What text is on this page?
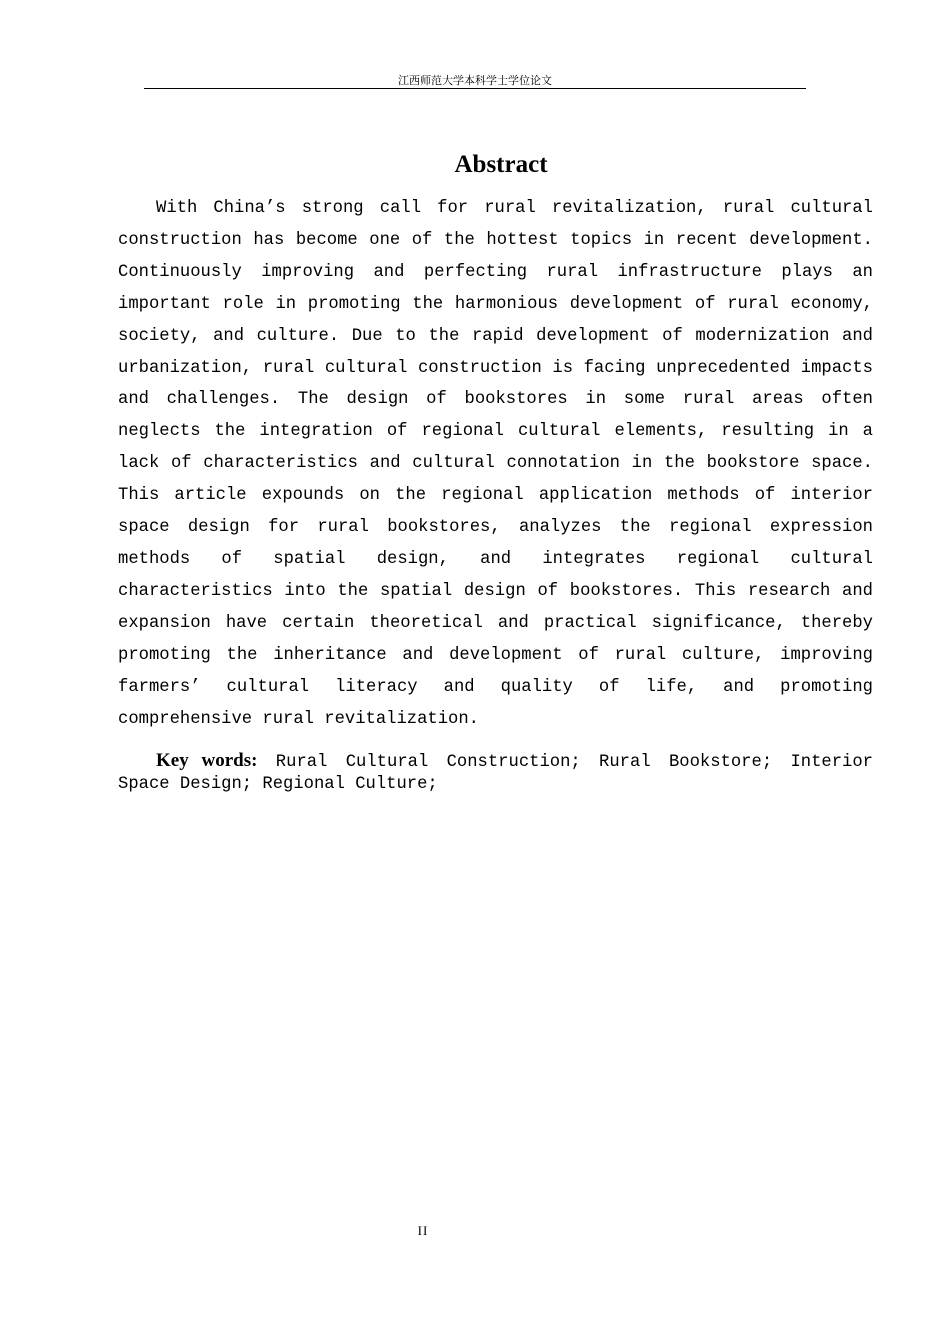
江西师范大学本科学士学位论文
Abstract

With China’s strong call for rural revitalization, rural cultural construction has become one of the hottest topics in recent development. Continuously improving and perfecting rural infrastructure plays an important role in promoting the harmonious development of rural economy, society, and culture. Due to the rapid development of modernization and urbanization, rural cultural construction is facing unprecedented impacts and challenges. The design of bookstores in some rural areas often neglects the integration of regional cultural elements, resulting in a lack of characteristics and cultural connotation in the bookstore space. This article expounds on the regional application methods of interior space design for rural bookstores, analyzes the regional expression methods of spatial design, and integrates regional cultural characteristics into the spatial design of bookstores. This research and expansion have certain theoretical and practical significance, thereby promoting the inheritance and development of rural culture, improving farmers’ cultural literacy and quality of life, and promoting comprehensive rural revitalization.

Key words: Rural Cultural Construction; Rural Bookstore; Interior Space Design; Regional Culture;

II
